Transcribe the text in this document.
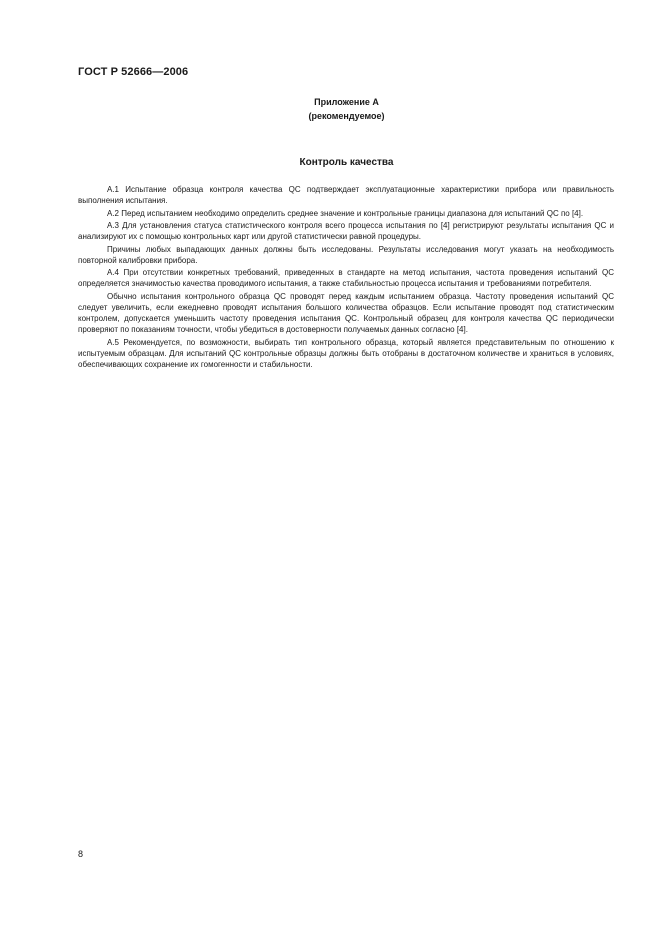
ГОСТ Р 52666—2006
Приложение А
(рекомендуемое)
Контроль качества

А.1 Испытание образца контроля качества QC подтверждает эксплуатационные характеристики прибора или правильность выполнения испытания.

А.2 Перед испытанием необходимо определить среднее значение и контрольные границы диапазона для испытаний QC по [4].

А.3 Для установления статуса статистического контроля всего процесса испытания по [4] регистрируют результаты испытания QC и анализируют их с помощью контрольных карт или другой статистически равной процедуры.

Причины любых выпадающих данных должны быть исследованы. Результаты исследования могут указать на необходимость повторной калибровки прибора.

А.4 При отсутствии конкретных требований, приведенных в стандарте на метод испытания, частота проведения испытаний QC определяется значимостью качества проводимого испытания, а также стабильностью процесса испытания и требованиями потребителя.

Обычно испытания контрольного образца QC проводят перед каждым испытанием образца. Частоту проведения испытаний QC следует увеличить, если ежедневно проводят испытания большого количества образцов. Если испытание проводят под статистическим контролем, допускается уменьшить частоту проведения испытания QC. Контрольный образец для контроля качества QC периодически проверяют по показаниям точности, чтобы убедиться в достоверности получаемых данных согласно [4].

А.5 Рекомендуется, по возможности, выбирать тип контрольного образца, который является представительным по отношению к испытуемым образцам. Для испытаний QC контрольные образцы должны быть отобраны в достаточном количестве и храниться в условиях, обеспечивающих сохранение их гомогенности и стабильности.

8
